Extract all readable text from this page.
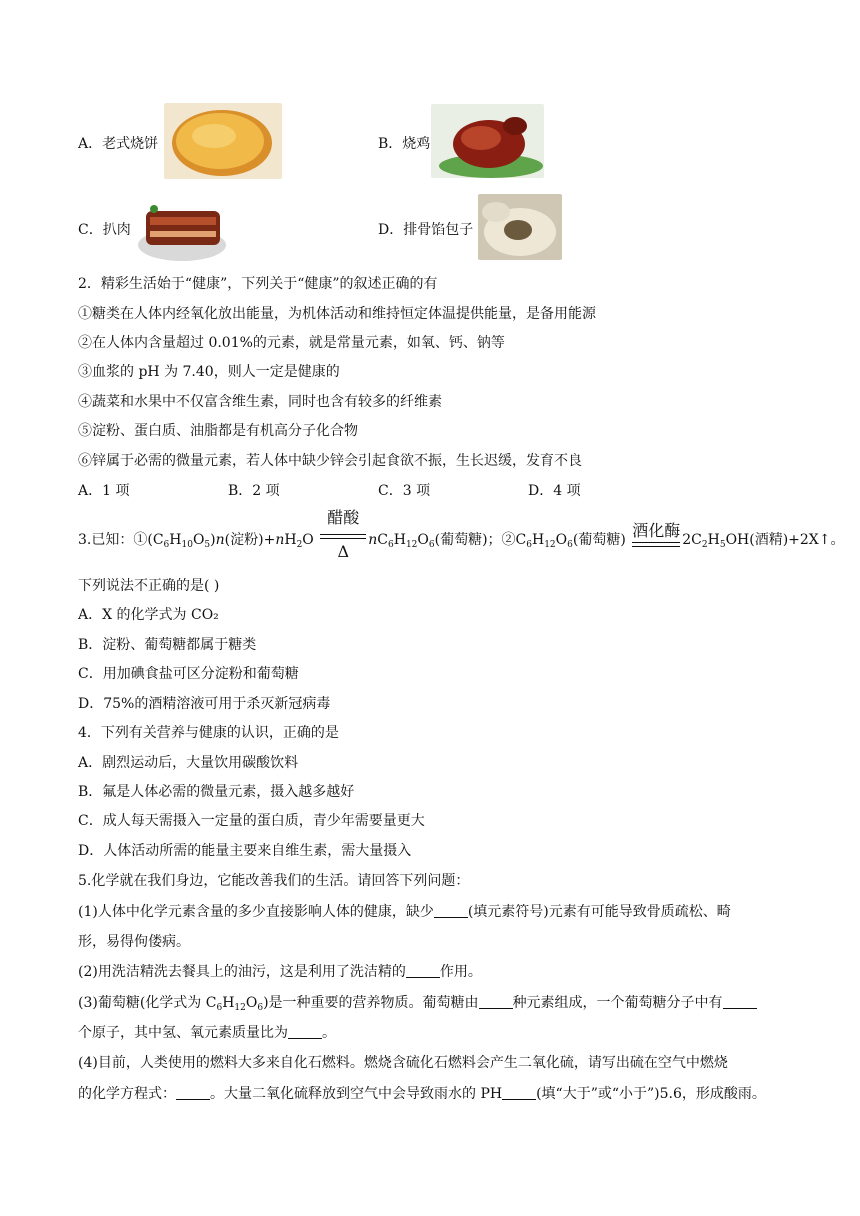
A．老式烧饼	B．烧鸡
C．扒肉	D．排骨馅包子
2．精彩生活始于“健康”，下列关于“健康”的叙述正确的有
①糖类在人体内经氧化放出能量，为机体活动和维持恒定体温提供能量，是备用能源
②在人体内含量超过 0.01%的元素，就是常量元素，如氧、钙、钠等
③血浆的 pH 为 7.40，则人一定是健康的
④蔬菜和水果中不仅富含维生素，同时也含有较多的纤维素
⑤淀粉、蛋白质、油脂都是有机高分子化合物
⑥锌属于必需的微量元素，若人体中缺少锌会引起食欲不振，生长迟缓，发育不良
A．1 项	B．2 项	C．3 项	D．4 项
3.已知：$①(C_6H_{10}O_5)n$(淀粉)$+nH_2O$
醋酸
Δ
$nC_6H_{12}O_6$(葡萄糖)；$②C_6H_{12}O_6$(葡萄糖) 酒化酶 $2C_2H_5OH$(酒精)+2X↑。
下列说法不正确的是( )
A．X 的化学式为 CO₂
B．淀粉、葡萄糖都属于糖类
C．用加碘食盐可区分淀粉和葡萄糖
D．75%的酒精溶液可用于杀灭新冠病毒
4．下列有关营养与健康的认识，正确的是
A．剧烈运动后，大量饮用碳酸饮料
B．氟是人体必需的微量元素，摄入越多越好
C．成人每天需摄入一定量的蛋白质，青少年需要量更大
D．人体活动所需的能量主要来自维生素，需大量摄入
5.化学就在我们身边，它能改善我们的生活。请回答下列问题：
(1)人体中化学元素含量的多少直接影响人体的健康，缺少 (填元素符号)元素有可能导致骨质疏松、畸
形，易得佝偻病。
(2)用洗洁精洗去餐具上的油污，这是利用了洗洁精的 作用。
(3)葡萄糖(化学式为 $C_6H_{12}O_6$)是一种重要的营养物质。葡萄糖由 种元素组成，一个葡萄糖分子中有
个原子，其中氢、氧元素质量比为 。
(4)目前，人类使用的燃料大多来自化石燃料。燃烧含硫化石燃料会产生二氧化硫，请写出硫在空气中燃烧
的化学方程式： 。大量二氧化硫释放到空气中会导致雨水的 PH (填“大于”或“小于”)5.6，形成酸雨。
